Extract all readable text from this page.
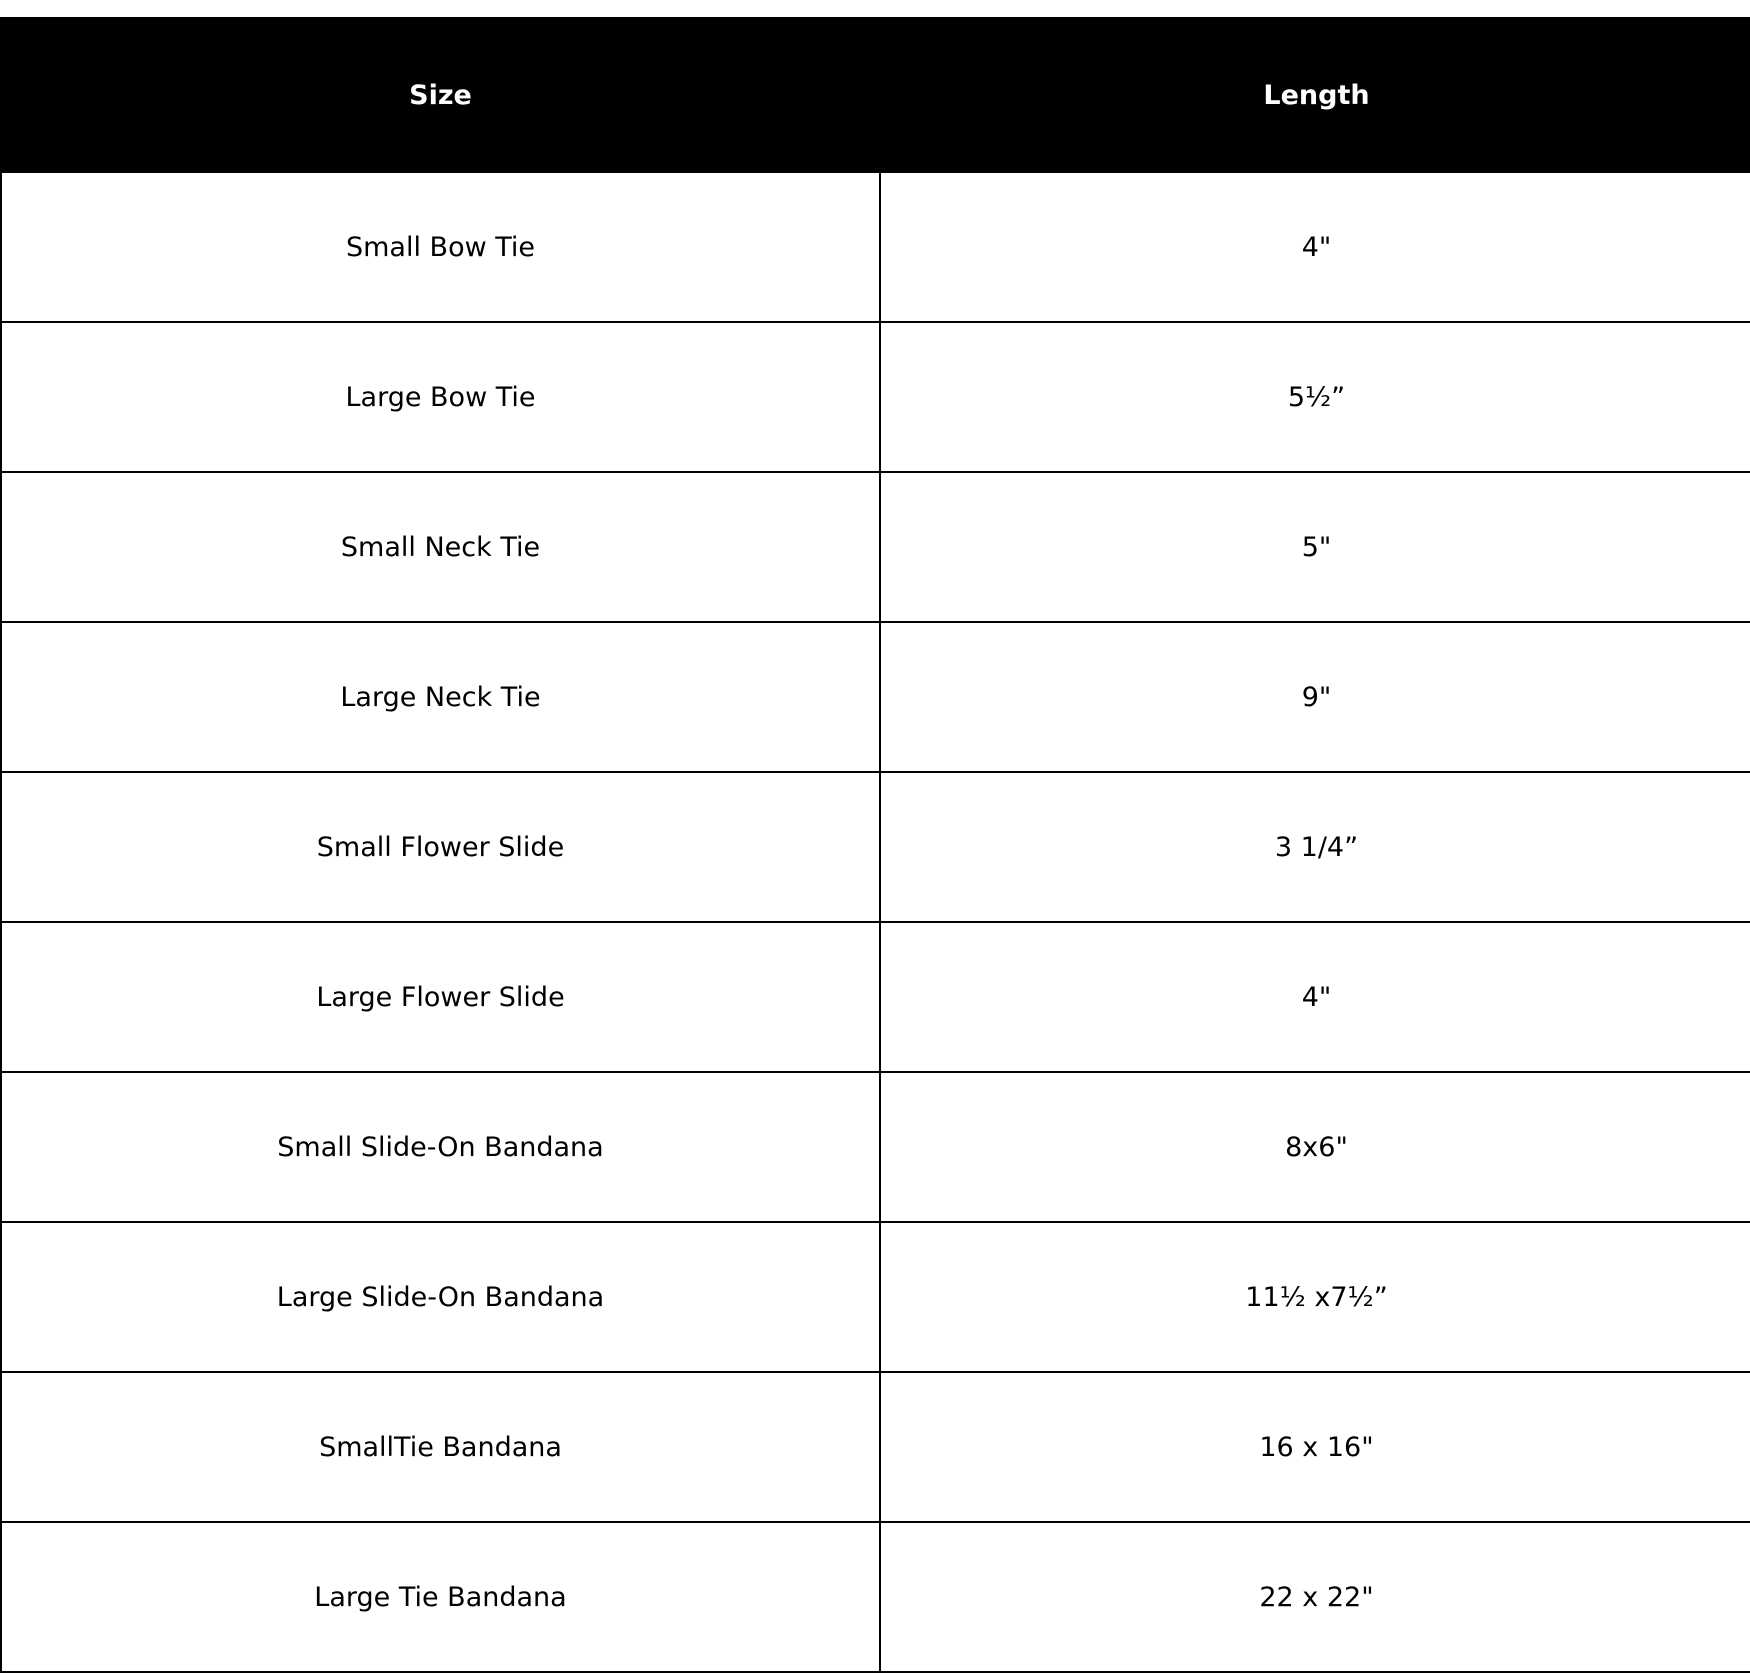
Size	Length
Small Bow Tie	4"
Large Bow Tie	5½”
Small Neck Tie	5"
Large Neck Tie	9"
Small Flower Slide	3 1/4”
Large Flower Slide	4"
Small Slide-On Bandana	8x6"
Large Slide-On Bandana	11½ x7½”
SmallTie Bandana	16 x 16"
Large Tie Bandana	22 x 22"
